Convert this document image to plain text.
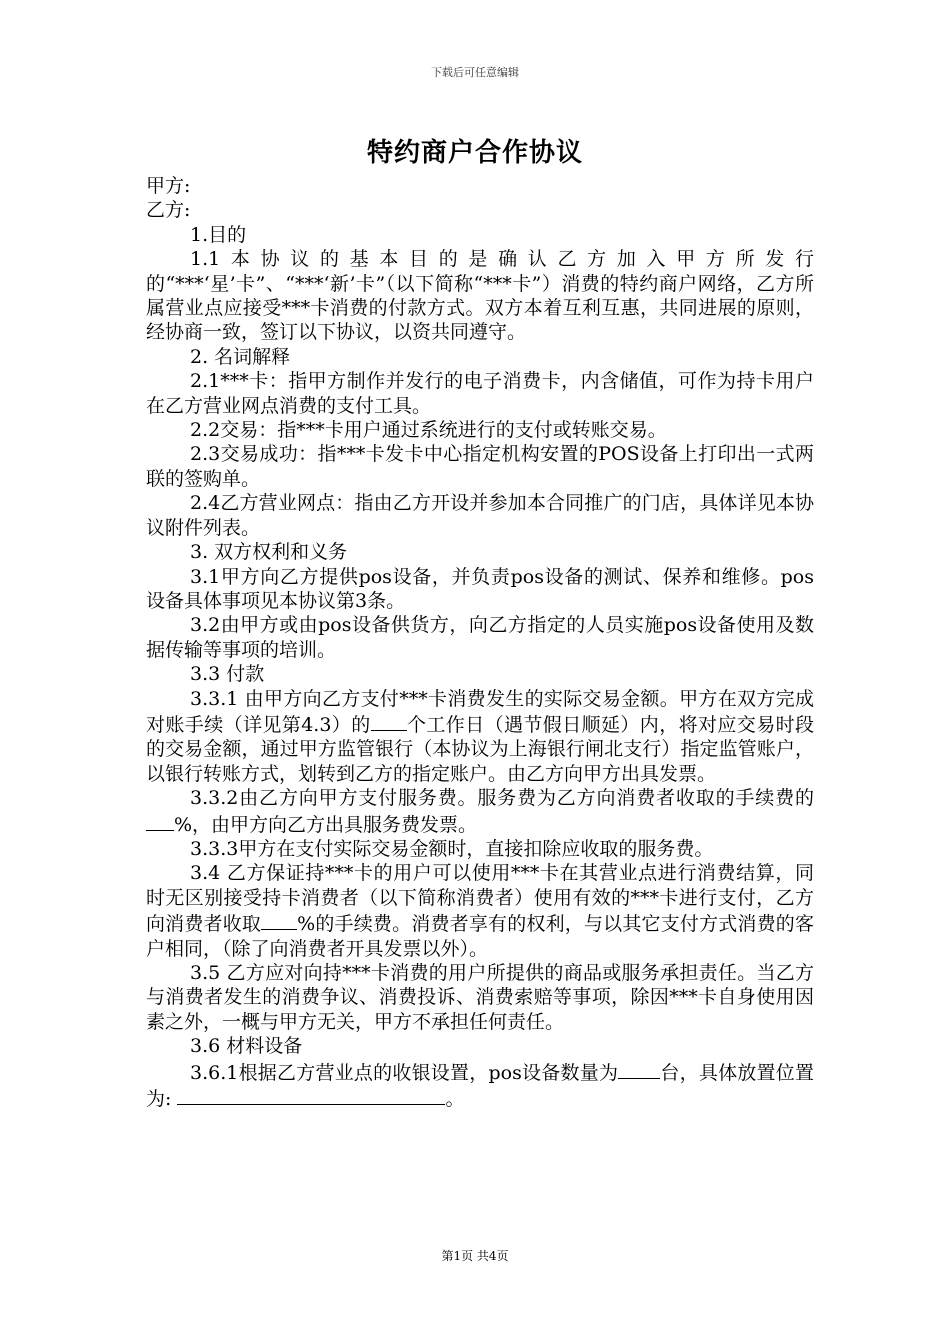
下载后可任意编辑
特约商户合作协议

甲方:

乙方:

1.目的

1.1本协议的基本目的是确认乙方加入甲方所发行的“***‘星’卡”、“***‘新’卡”（以下简称“***卡”）消费的特约商户网络，乙方所属营业点应接受***卡消费的付款方式。双方本着互利互惠，共同进展的原则，经协商一致，签订以下协议，以资共同遵守。

2. 名词解释

2.1***卡：指甲方制作并发行的电子消费卡，内含储值，可作为持卡用户在乙方营业网点消费的支付工具。

2.2交易：指***卡用户通过系统进行的支付或转账交易。

2.3交易成功：指***卡发卡中心指定机构安置的POS设备上打印出一式两联的签购单。

2.4乙方营业网点：指由乙方开设并参加本合同推广的门店，具体详见本协议附件列表。

3. 双方权利和义务

3.1甲方向乙方提供pos设备，并负责pos设备的测试、保养和维修。pos设备具体事项见本协议第3条。

3.2由甲方或由pos设备供货方，向乙方指定的人员实施pos设备使用及数据传输等事项的培训。

3.3 付款

3.3.1 由甲方向乙方支付***卡消费发生的实际交易金额。甲方在双方完成对账手续（详见第4.3）的 个工作日（遇节假日顺延）内，将对应交易时段的交易金额，通过甲方监管银行（本协议为上海银行闸北支行）指定监管账户，以银行转账方式，划转到乙方的指定账户。由乙方向甲方出具发票。

3.3.2由乙方向甲方支付服务费。服务费为乙方向消费者收取的手续费的%，由甲方向乙方出具服务费发票。

3.3.3甲方在支付实际交易金额时，直接扣除应收取的服务费。

3.4 乙方保证持***卡的用户可以使用***卡在其营业点进行消费结算，同时无区别接受持卡消费者（以下简称消费者）使用有效的***卡进行支付，乙方向消费者收取 %的手续费。消费者享有的权利，与以其它支付方式消费的客户相同，（除了向消费者开具发票以外）。

3.5 乙方应对向持***卡消费的用户所提供的商品或服务承担责任。当乙方与消费者发生的消费争议、消费投诉、消费索赔等事项，除因***卡自身使用因素之外，一概与甲方无关，甲方不承担任何责任。

3.6 材料设备

3.6.1根据乙方营业点的收银设置，pos设备数量为 台，具体放置位置为:	。

第1页 共4页
